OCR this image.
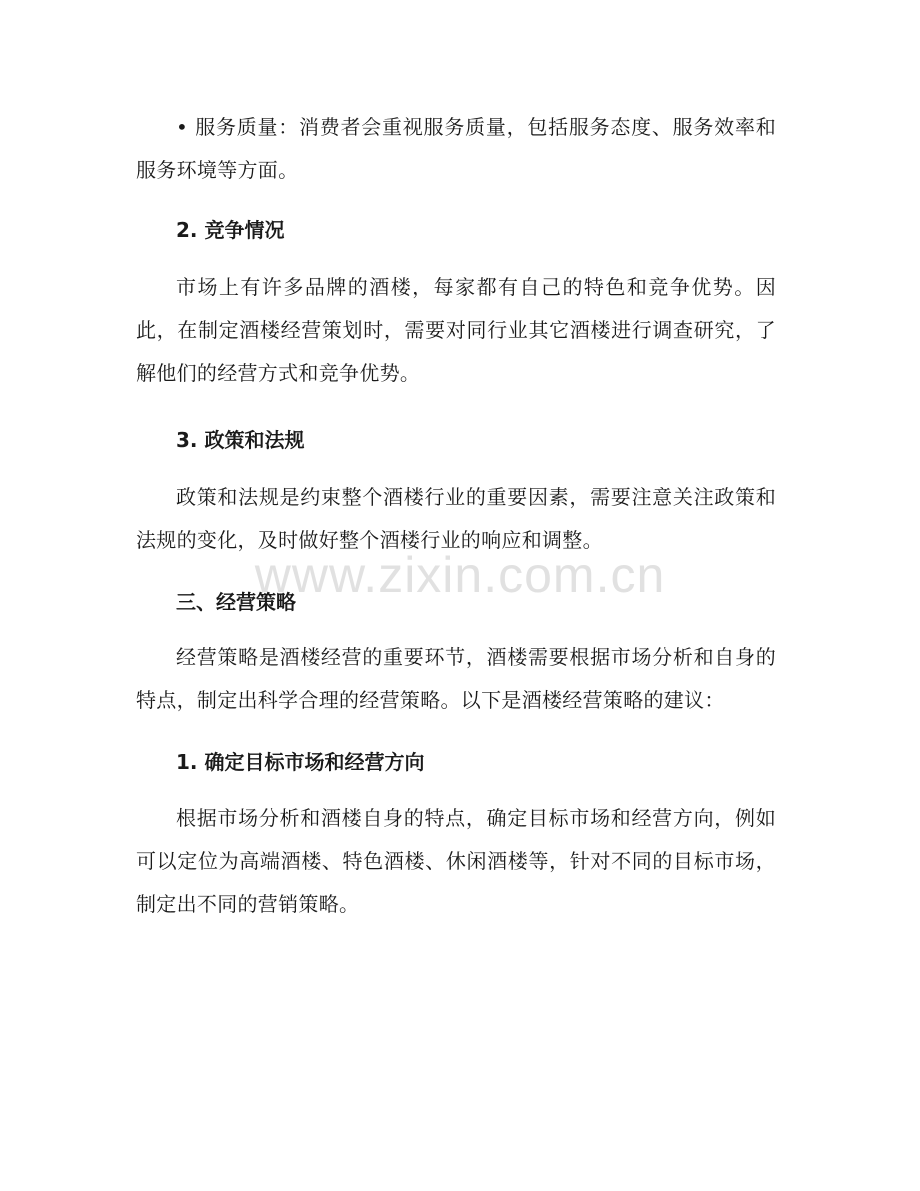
• 服务质量：消费者会重视服务质量，包括服务态度、服务效率和服务环境等方面。

2. 竞争情况

市场上有许多品牌的酒楼，每家都有自己的特色和竞争优势。因此，在制定酒楼经营策划时，需要对同行业其它酒楼进行调查研究，了解他们的经营方式和竞争优势。

3. 政策和法规

政策和法规是约束整个酒楼行业的重要因素，需要注意关注政策和法规的变化，及时做好整个酒楼行业的响应和调整。

三、经营策略

经营策略是酒楼经营的重要环节，酒楼需要根据市场分析和自身的特点，制定出科学合理的经营策略。以下是酒楼经营策略的建议：

1. 确定目标市场和经营方向

根据市场分析和酒楼自身的特点，确定目标市场和经营方向，例如可以定位为高端酒楼、特色酒楼、休闲酒楼等，针对不同的目标市场，制定出不同的营销策略。

www.zixin.com.cn
